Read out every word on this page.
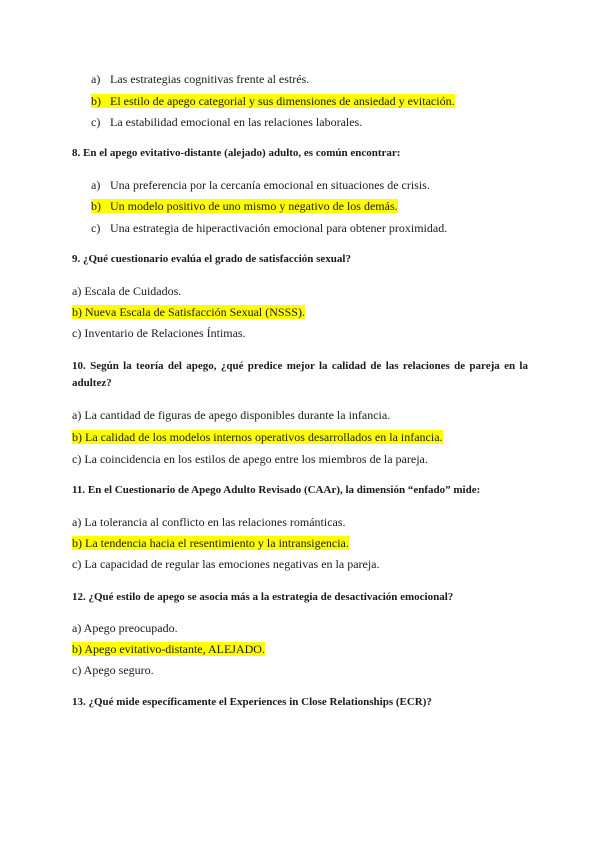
a) Las estrategias cognitivas frente al estrés.
b) El estilo de apego categorial y sus dimensiones de ansiedad y evitación.
c) La estabilidad emocional en las relaciones laborales.
8. En el apego evitativo-distante (alejado) adulto, es común encontrar:
a) Una preferencia por la cercanía emocional en situaciones de crisis.
b) Un modelo positivo de uno mismo y negativo de los demás.
c) Una estrategia de hiperactivación emocional para obtener proximidad.
9. ¿Qué cuestionario evalúa el grado de satisfacción sexual?
a) Escala de Cuidados.
b) Nueva Escala de Satisfacción Sexual (NSSS).
c) Inventario de Relaciones Íntimas.
10. Según la teoría del apego, ¿qué predice mejor la calidad de las relaciones de pareja en la adultez?
a) La cantidad de figuras de apego disponibles durante la infancia.
b) La calidad de los modelos internos operativos desarrollados en la infancia.
c) La coincidencia en los estilos de apego entre los miembros de la pareja.
11. En el Cuestionario de Apego Adulto Revisado (CAAr), la dimensión “enfado” mide:
a) La tolerancia al conflicto en las relaciones románticas.
b) La tendencia hacia el resentimiento y la intransigencia.
c) La capacidad de regular las emociones negativas en la pareja.
12. ¿Qué estilo de apego se asocia más a la estrategia de desactivación emocional?
a) Apego preocupado.
b) Apego evitativo-distante, ALEJADO.
c) Apego seguro.
13. ¿Qué mide específicamente el Experiences in Close Relationships (ECR)?
